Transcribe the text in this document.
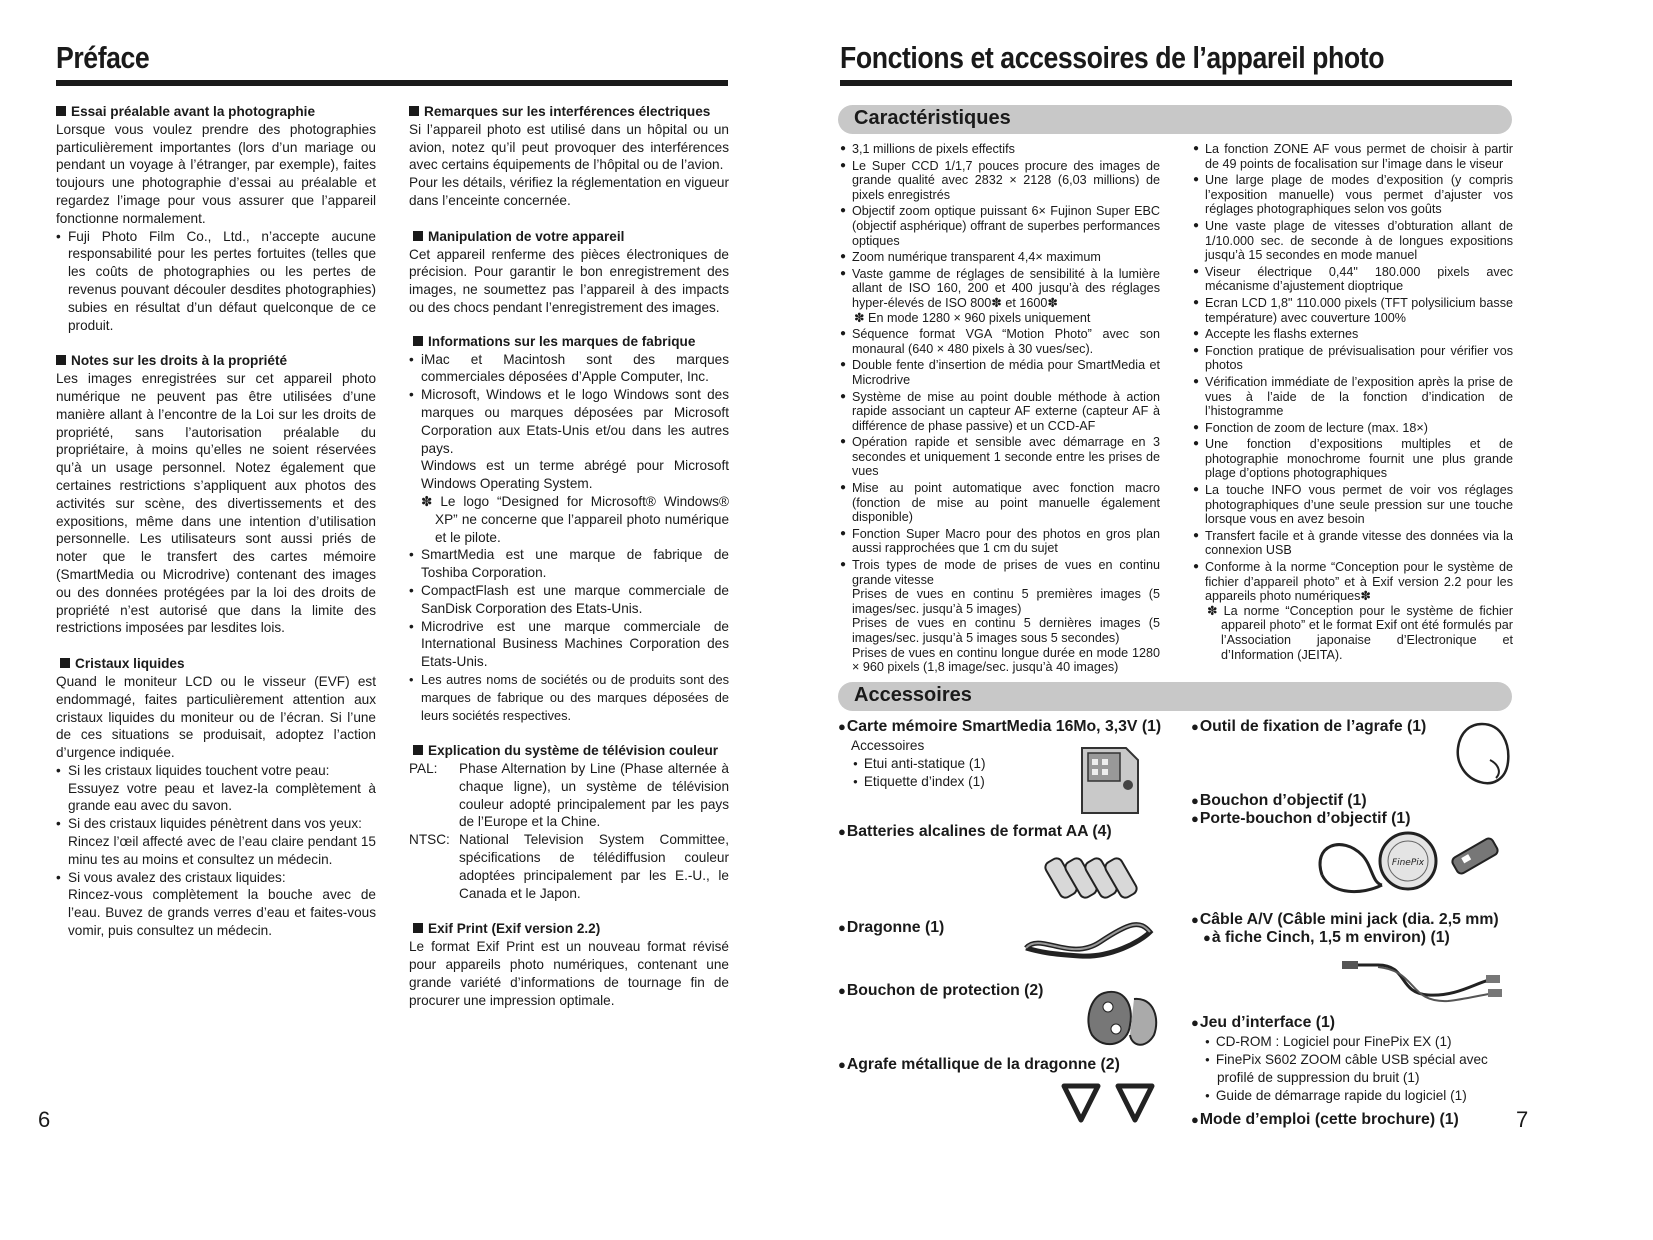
Préface

Essai préalable avant la photographie

Lorsque vous voulez prendre des photographies particulièrement importantes (lors d’un mariage ou pendant un voyage à l’étranger, par exemple), faites toujours une photographie d’essai au préalable et regardez l’image pour vous assurer que l’appareil fonctionne normalement.

• Fuji Photo Film Co., Ltd., n’accepte aucune responsabilité pour les pertes fortuites (telles que les coûts de photographies ou les pertes de revenus pouvant découler desdites photographies) subies en résultat d’un défaut quelconque de ce produit.

Notes sur les droits à la propriété

Les images enregistrées sur cet appareil photo numérique ne peuvent pas être utilisées d’une manière allant à l’encontre de la Loi sur les droits de propriété, sans l’autorisation préalable du propriétaire, à moins qu’elles ne soient réservées qu’à un usage personnel. Notez également que certaines restrictions s’appliquent aux photos des activités sur scène, des divertissements et des expositions, même dans une intention d’utilisation personnelle. Les utilisateurs sont aussi priés de noter que le transfert des cartes mémoire (SmartMedia ou Microdrive) contenant des images ou des données protégées par la loi des droits de propriété n’est autorisé que dans la limite des restrictions imposées par lesdites lois.

Cristaux liquides

Quand le moniteur LCD ou le visseur (EVF) est endommagé, faites particulièrement attention aux cristaux liquides du moniteur ou de l’écran. Si l’une de ces situations se produisait, adoptez l’action d’urgence indiquée.

• Si les cristaux liquides touchent votre peau:

Essuyez votre peau et lavez-la complètement à grande eau avec du savon.

• Si des cristaux liquides pénètrent dans vos yeux:

Rincez l’œil affecté avec de l’eau claire pendant 15 minu tes au moins et consultez un médecin.

• Si vous avalez des cristaux liquides:

Rincez-vous complètement la bouche avec de l’eau. Buvez de grands verres d’eau et faites-vous vomir, puis consultez un médecin.

Remarques sur les interférences électriques

Si l’appareil photo est utilisé dans un hôpital ou un avion, notez qu’il peut provoquer des interférences avec certains équipements de l’hôpital ou de l’avion.

Pour les détails, vérifiez la réglementation en vigueur dans l’enceinte concernée.

Manipulation de votre appareil

Cet appareil renferme des pièces électroniques de précision. Pour garantir le bon enregistrement des images, ne soumettez pas l’appareil à des impacts ou des chocs pendant l’enregistrement des images.

Informations sur les marques de fabrique

• iMac et Macintosh sont des marques commerciales déposées d’Apple Computer, Inc.

• Microsoft, Windows et le logo Windows sont des marques ou marques déposées par Microsoft Corporation aux Etats-Unis et/ou dans les autres pays.

Windows est un terme abrégé pour Microsoft Windows Operating System.

✽ Le logo “Designed for Microsoft® Windows® XP” ne concerne que l’appareil photo numérique et le pilote.

• SmartMedia est une marque de fabrique de Toshiba Corporation.

• CompactFlash est une marque commerciale de SanDisk Corporation des Etats-Unis.

• Microdrive est une marque commerciale de International Business Machines Corporation des Etats-Unis.

• Les autres noms de sociétés ou de produits sont des marques de fabrique ou des marques déposées de leurs sociétés respectives.

Explication du système de télévision couleur

PAL:	Phase Alternation by Line (Phase alternée à chaque ligne), un système de télévision couleur adopté principalement par les pays de l’Europe et la Chine.
NTSC: National Television System Committee, spécifications de télédiffusion couleur adoptées principalement par les E.-U., le Canada et le Japon.

Exif Print (Exif version 2.2)

Le format Exif Print est un nouveau format révisé pour appareils photo numériques, contenant une grande variété d’informations de tournage fin de procurer une impression optimale.

6
Fonctions et accessoires de l’appareil photo
Caractéristiques
● 3,1 millions de pixels effectifs
● Le Super CCD 1/1,7 pouces procure des images de grande qualité avec 2832 × 2128 (6,03 millions) de pixels enregistrés
● Objectif zoom optique puissant 6× Fujinon Super EBC (objectif asphérique) offrant de superbes performances optiques
● Zoom numérique transparent 4,4× maximum
● Vaste gamme de réglages de sensibilité à la lumière allant de ISO 160, 200 et 400 jusqu’à des réglages hyper-élevés de ISO 800✽ et 1600✽
✽ En mode 1280 × 960 pixels uniquement
● Séquence format VGA “Motion Photo” avec son monaural (640 × 480 pixels à 30 vues/sec).
● Double fente d’insertion de média pour SmartMedia et Microdrive
● Système de mise au point double méthode à action rapide associant un capteur AF externe (capteur AF à différence de phase passive) et un CCD-AF
● Opération rapide et sensible avec démarrage en 3 secondes et uniquement 1 seconde entre les prises de vues
● Mise au point automatique avec fonction macro (fonction de mise au point manuelle également disponible)
● Fonction Super Macro pour des photos en gros plan aussi rapprochées que 1 cm du sujet
● Trois types de mode de prises de vues en continu grande vitesse
Prises de vues en continu 5 premières images (5 images/sec. jusqu’à 5 images)
Prises de vues en continu 5 dernières images (5 images/sec. jusqu’à 5 images sous 5 secondes)
Prises de vues en continu longue durée en mode 1280 × 960 pixels (1,8 image/sec. jusqu’à 40 images)
● La fonction ZONE AF vous permet de choisir à partir de 49 points de focalisation sur l’image dans le viseur
● Une large plage de modes d’exposition (y compris l’exposition manuelle) vous permet d’ajuster vos réglages photographiques selon vos goûts
● Une vaste plage de vitesses d’obturation allant de 1/10.000 sec. de seconde à de longues expositions jusqu’à 15 secondes en mode manuel
● Viseur électrique 0,44" 180.000 pixels avec mécanisme d’ajustement dioptrique
● Ecran LCD 1,8" 110.000 pixels (TFT polysilicium basse température) avec couverture 100%
● Accepte les flashs externes
● Fonction pratique de prévisualisation pour vérifier vos photos
● Vérification immédiate de l’exposition après la prise de vues à l’aide de la fonction d’indication de l’histogramme
● Fonction de zoom de lecture (max. 18×)
● Une fonction d’expositions multiples et de photographie monochrome fournit une plus grande plage d’options photographiques
● La touche INFO vous permet de voir vos réglages photographiques d’une seule pression sur une touche lorsque vous en avez besoin
● Transfert facile et à grande vitesse des données via la connexion USB
● Conforme à la norme “Conception pour le système de fichier d’appareil photo” et à Exif version 2.2 pour les appareils photo numériques✽
✽ La norme “Conception pour le système de fichier appareil photo” et le format Exif ont été formulés par l’Association japonaise d’Electronique et d’Information (JEITA).
Accessoires
● Carte mémoire SmartMedia 16Mo, 3,3V (1)
Accessoires
● Etui anti-statique (1)
● Etiquette d’index (1)
● Batteries alcalines de format AA (4)
● Dragonne (1)
● Bouchon de protection (2)
● Agrafe métallique de la dragonne (2)
● Outil de fixation de l’agrafe (1)
● Bouchon d’objectif (1)
● Porte-bouchon d’objectif (1)
FinePix
● Câble A/V (Câble mini jack (dia. 2,5 mm)
● à fiche Cinch, 1,5 m environ) (1)
● Jeu d’interface (1)
● CD-ROM : Logiciel pour FinePix EX (1)
● FinePix S602 ZOOM câble USB spécial avec
profilé de suppression du bruit (1)
● Guide de démarrage rapide du logiciel (1)
● Mode d’emploi (cette brochure) (1)	7
